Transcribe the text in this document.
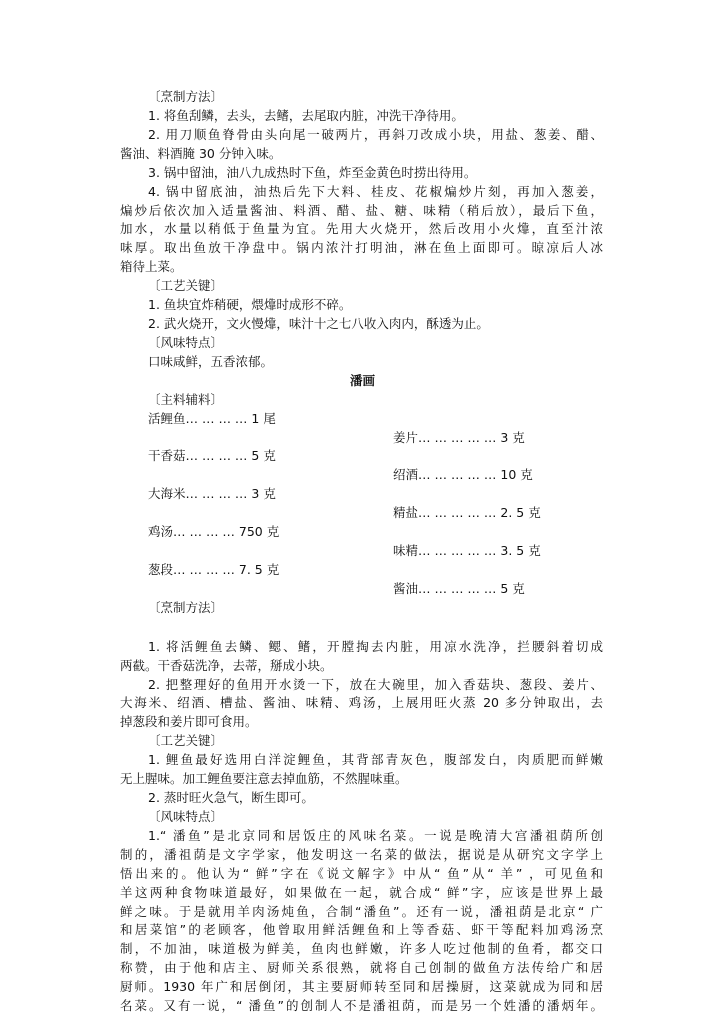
〔烹制方法〕
1. 将鱼刮鳞，去头，去鳍，去尾取内脏，冲洗干净待用。
2. 用刀顺鱼脊骨由头向尾一破两片，再斜刀改成小块，用盐、葱姜、醋、
酱油、料酒腌 30 分钟入味。
3. 锅中留油，油八九成热时下鱼，炸至金黄色时捞出待用。
4. 锅中留底油，油热后先下大料、桂皮、花椒煸炒片刻，再加入葱姜，
煸炒后依次加入适量酱油、料酒、醋、盐、糖、味精（稍后放），最后下鱼，
加水，水量以稍低于鱼量为宜。先用大火烧开，然后改用小火㸆，直至汁浓
味厚。取出鱼放干净盘中。锅内浓汁打明油，淋在鱼上面即可。晾凉后人冰
箱待上菜。
〔工艺关键〕
1. 鱼块宜炸稍硬，煨㸆时成形不碎。
2. 武火烧开，文火慢㸆，味汁十之七八收入肉内，酥透为止。
〔风味特点〕
口味咸鲜，五香浓郁。
潘画
〔主料辅料〕
活鲤鱼… … … … 1 尾
姜片… … … … … 3 克
干香菇… … … … 5 克
绍酒… … … … … 10 克
大海米… … … … 3 克
精盐… … … … … 2. 5 克
鸡汤… … … … 750 克
味精… … … … … 3. 5 克
葱段… … … … 7. 5 克
酱油… … … … … 5 克
〔烹制方法〕
1. 将活鲤鱼去鳞、鳃、鳍，开膛掏去内脏，用凉水洗净，拦腰斜着切成
两截。干香菇洗净，去蒂，掰成小块。
2. 把整理好的鱼用开水烫一下，放在大碗里，加入香菇块、葱段、姜片、
大海米、绍酒、槽盐、酱油、味精、鸡汤，上展用旺火蒸 20 多分钟取出，去
掉葱段和姜片即可食用。
〔工艺关键〕
1. 鲤鱼最好选用白洋淀鲤鱼，其背部青灰色，腹部发白，肉质肥而鲜嫩
无上腥味。加工鲤鱼要注意去掉血筋，不然腥味重。
2. 蒸时旺火急气，断生即可。
〔风味特点〕
1.“ 潘鱼”是北京同和居饭庄的风味名菜。一说是晚清大宫潘祖荫所创
制的，潘祖荫是文字学家，他发明这一名菜的做法，据说是从研究文字学上
悟出来的。他认为“ 鲜”字在《说文解字》中从“ 鱼”从“ 羊” ，可见鱼和
羊这两种食物味道最好，如果做在一起，就合成“ 鲜”字，应该是世界上最
鲜之味。于是就用羊肉汤炖鱼，合制“潘鱼”。还有一说，潘祖荫是北京“ 广
和居菜馆”的老顾客，他曾取用鲜活鲤鱼和上等香菇、虾干等配料加鸡汤烹
制，不加油，味道极为鲜美，鱼肉也鲜嫩，许多人吃过他制的鱼肴，都交口
称赞，由于他和店主、厨师关系很熟，就将自己创制的做鱼方法传给广和居
厨师。1930 年广和居倒闭，其主要厨师转至同和居操厨，这菜就成为同和居
名菜。又有一说，“ 潘鱼”的创制人不是潘祖荫，而是另一个姓潘的潘炳年。
